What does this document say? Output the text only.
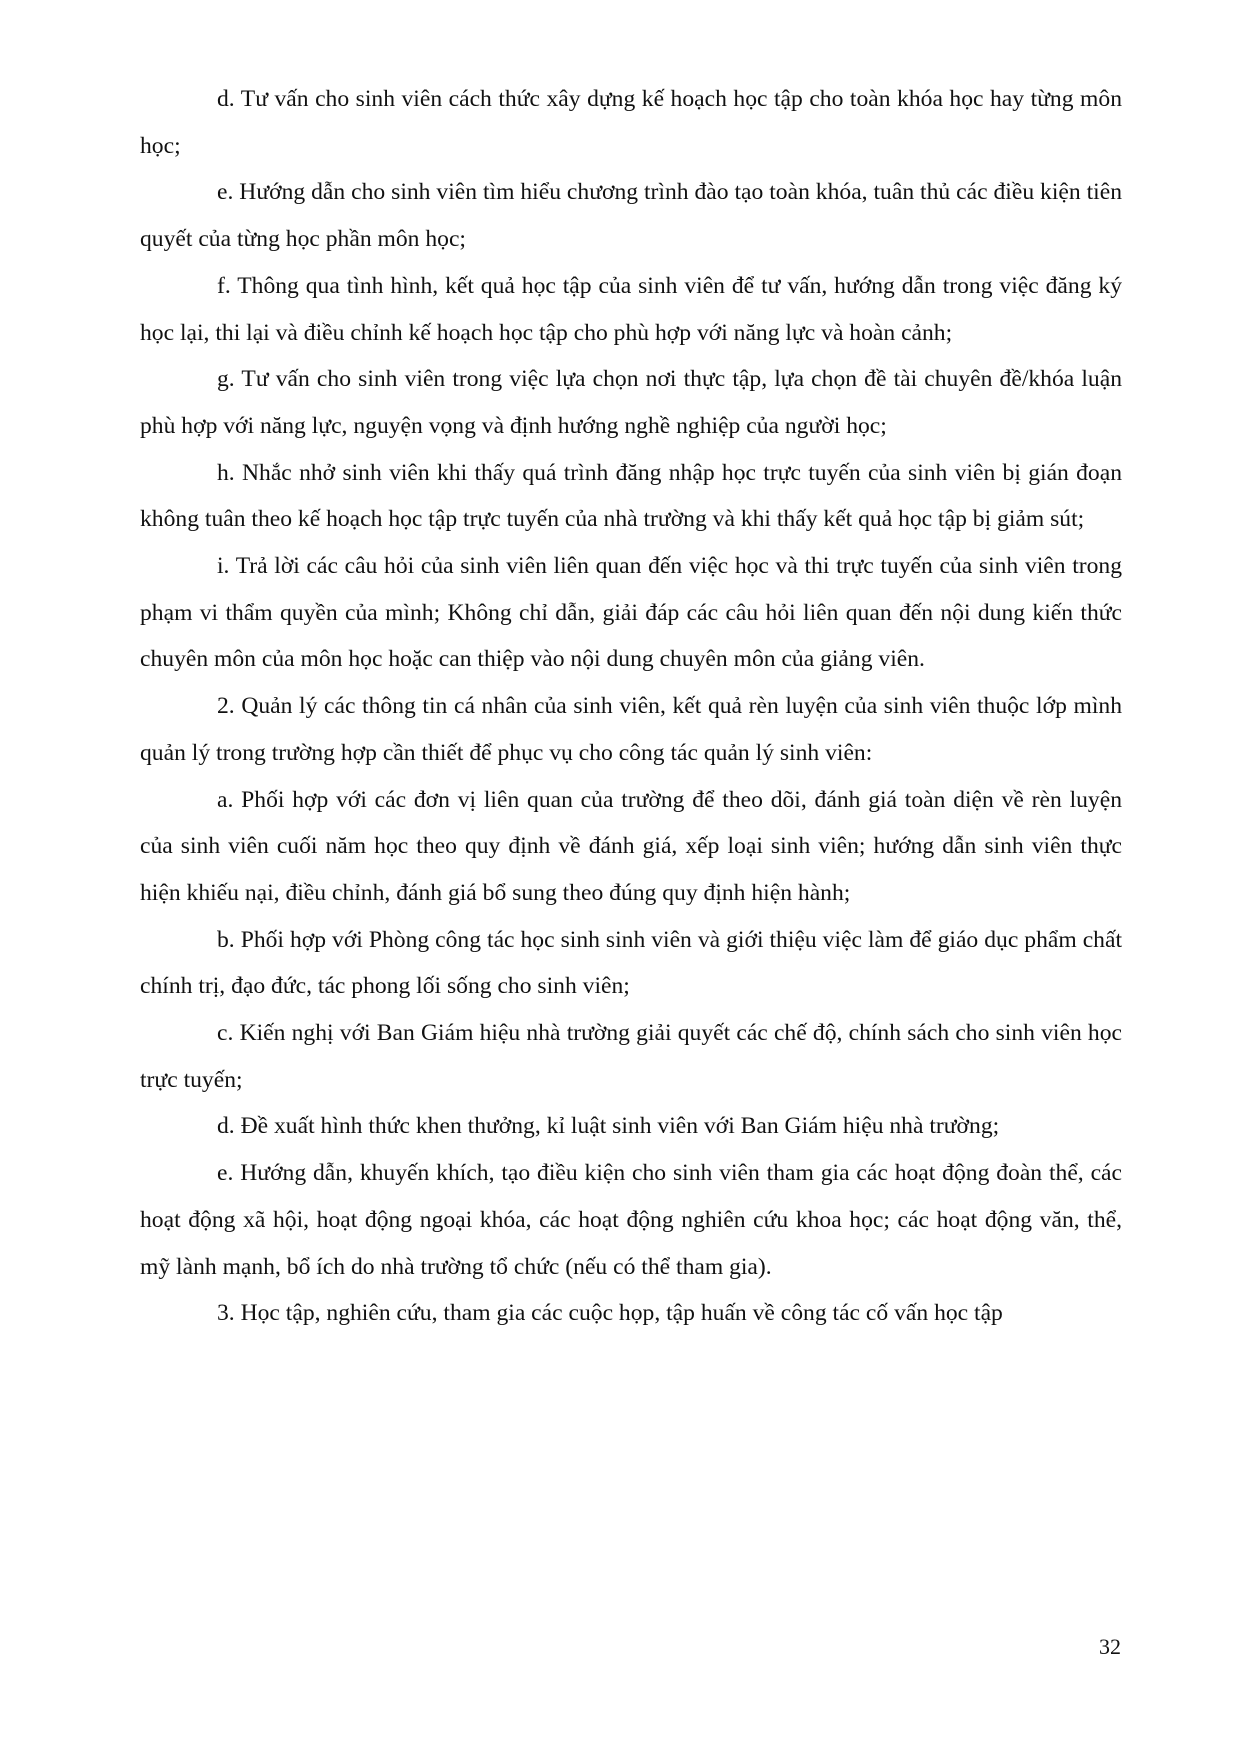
d. Tư vấn cho sinh viên cách thức xây dựng kế hoạch học tập cho toàn khóa học hay từng môn học;

e. Hướng dẫn cho sinh viên tìm hiểu chương trình đào tạo toàn khóa, tuân thủ các điều kiện tiên quyết của từng học phần môn học;

f. Thông qua tình hình, kết quả học tập của sinh viên để tư vấn, hướng dẫn trong việc đăng ký học lại, thi lại và điều chỉnh kế hoạch học tập cho phù hợp với năng lực và hoàn cảnh;

g. Tư vấn cho sinh viên trong việc lựa chọn nơi thực tập, lựa chọn đề tài chuyên đề/khóa luận phù hợp với năng lực, nguyện vọng và định hướng nghề nghiệp của người học;

h. Nhắc nhở sinh viên khi thấy quá trình đăng nhập học trực tuyến của sinh viên bị gián đoạn không tuân theo kế hoạch học tập trực tuyến của nhà trường và khi thấy kết quả học tập bị giảm sút;

i. Trả lời các câu hỏi của sinh viên liên quan đến việc học và thi trực tuyến của sinh viên trong phạm vi thẩm quyền của mình; Không chỉ dẫn, giải đáp các câu hỏi liên quan đến nội dung kiến thức chuyên môn của môn học hoặc can thiệp vào nội dung chuyên môn của giảng viên.

2. Quản lý các thông tin cá nhân của sinh viên, kết quả rèn luyện của sinh viên thuộc lớp mình quản lý trong trường hợp cần thiết để phục vụ cho công tác quản lý sinh viên:

a. Phối hợp với các đơn vị liên quan của trường để theo dõi, đánh giá toàn diện về rèn luyện của sinh viên cuối năm học theo quy định về đánh giá, xếp loại sinh viên; hướng dẫn sinh viên thực hiện khiếu nại, điều chỉnh, đánh giá bổ sung theo đúng quy định hiện hành;

b. Phối hợp với Phòng công tác học sinh sinh viên và giới thiệu việc làm để giáo dục phẩm chất chính trị, đạo đức, tác phong lối sống cho sinh viên;

c. Kiến nghị với Ban Giám hiệu nhà trường giải quyết các chế độ, chính sách cho sinh viên học trực tuyến;

d. Đề xuất hình thức khen thưởng, kỉ luật sinh viên với Ban Giám hiệu nhà trường;

e. Hướng dẫn, khuyến khích, tạo điều kiện cho sinh viên tham gia các hoạt động đoàn thể, các hoạt động xã hội, hoạt động ngoại khóa, các hoạt động nghiên cứu khoa học; các hoạt động văn, thể, mỹ lành mạnh, bổ ích do nhà trường tổ chức (nếu có thể tham gia).

3. Học tập, nghiên cứu, tham gia các cuộc họp, tập huấn về công tác cố vấn học tập

32
